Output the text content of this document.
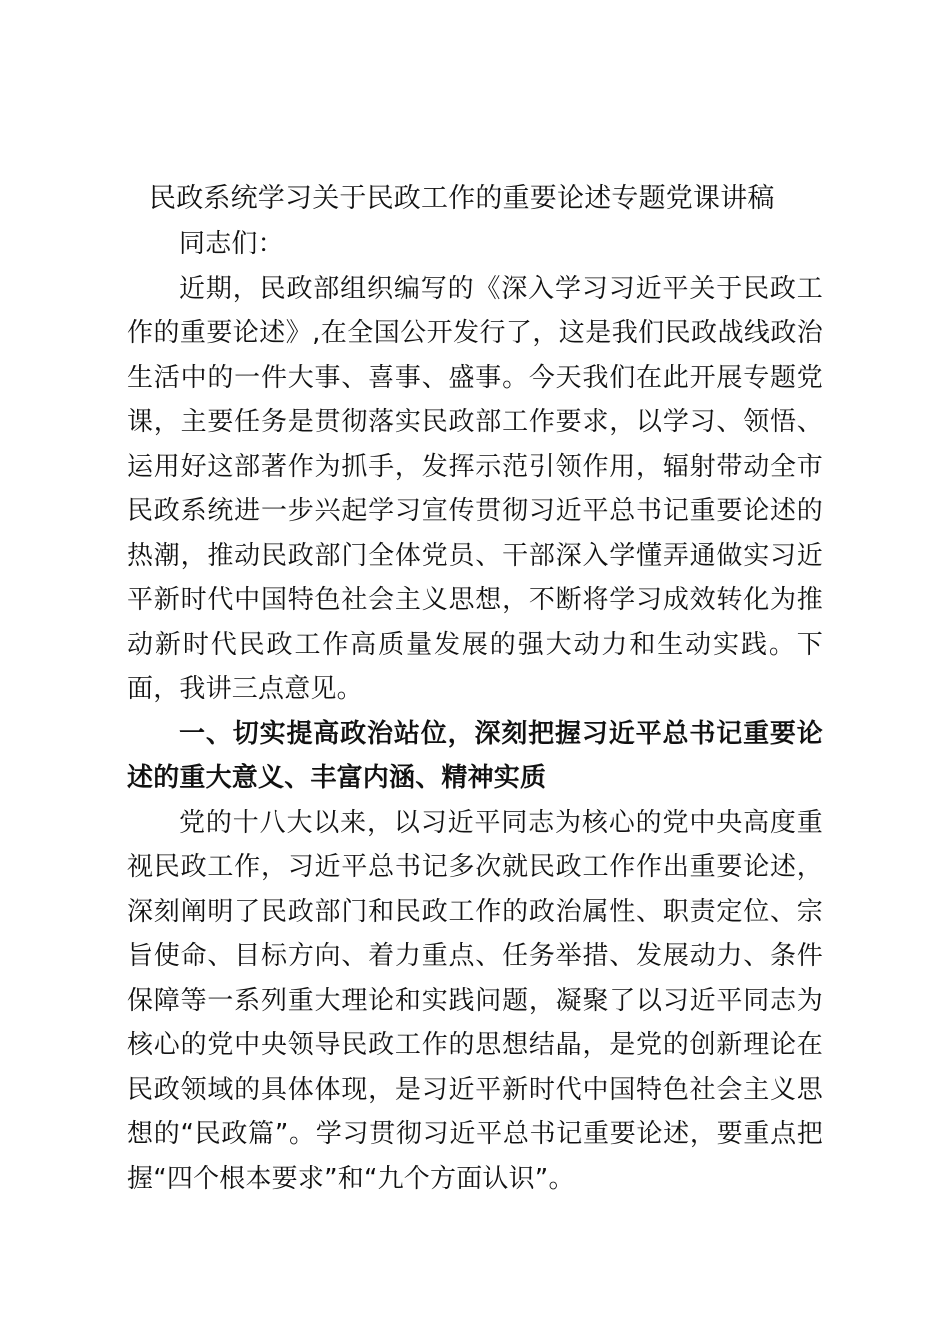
民政系统学习关于民政工作的重要论述专题党课讲稿

同志们：

近期，民政部组织编写的《深入学习习近平关于民政工作的重要论述》,在全国公开发行了，这是我们民政战线政治生活中的一件大事、喜事、盛事。今天我们在此开展专题党课，主要任务是贯彻落实民政部工作要求，以学习、领悟、运用好这部著作为抓手，发挥示范引领作用，辐射带动全市民政系统进一步兴起学习宣传贯彻习近平总书记重要论述的热潮，推动民政部门全体党员、干部深入学懂弄通做实习近平新时代中国特色社会主义思想，不断将学习成效转化为推动新时代民政工作高质量发展的强大动力和生动实践。下面，我讲三点意见。

一、切实提高政治站位，深刻把握习近平总书记重要论述的重大意义、丰富内涵、精神实质

党的十八大以来，以习近平同志为核心的党中央高度重视民政工作，习近平总书记多次就民政工作作出重要论述，深刻阐明了民政部门和民政工作的政治属性、职责定位、宗旨使命、目标方向、着力重点、任务举措、发展动力、条件保障等一系列重大理论和实践问题，凝聚了以习近平同志为核心的党中央领导民政工作的思想结晶，是党的创新理论在民政领域的具体体现，是习近平新时代中国特色社会主义思想的“民政篇”。学习贯彻习近平总书记重要论述，要重点把握“四个根本要求”和“九个方面认识”。
